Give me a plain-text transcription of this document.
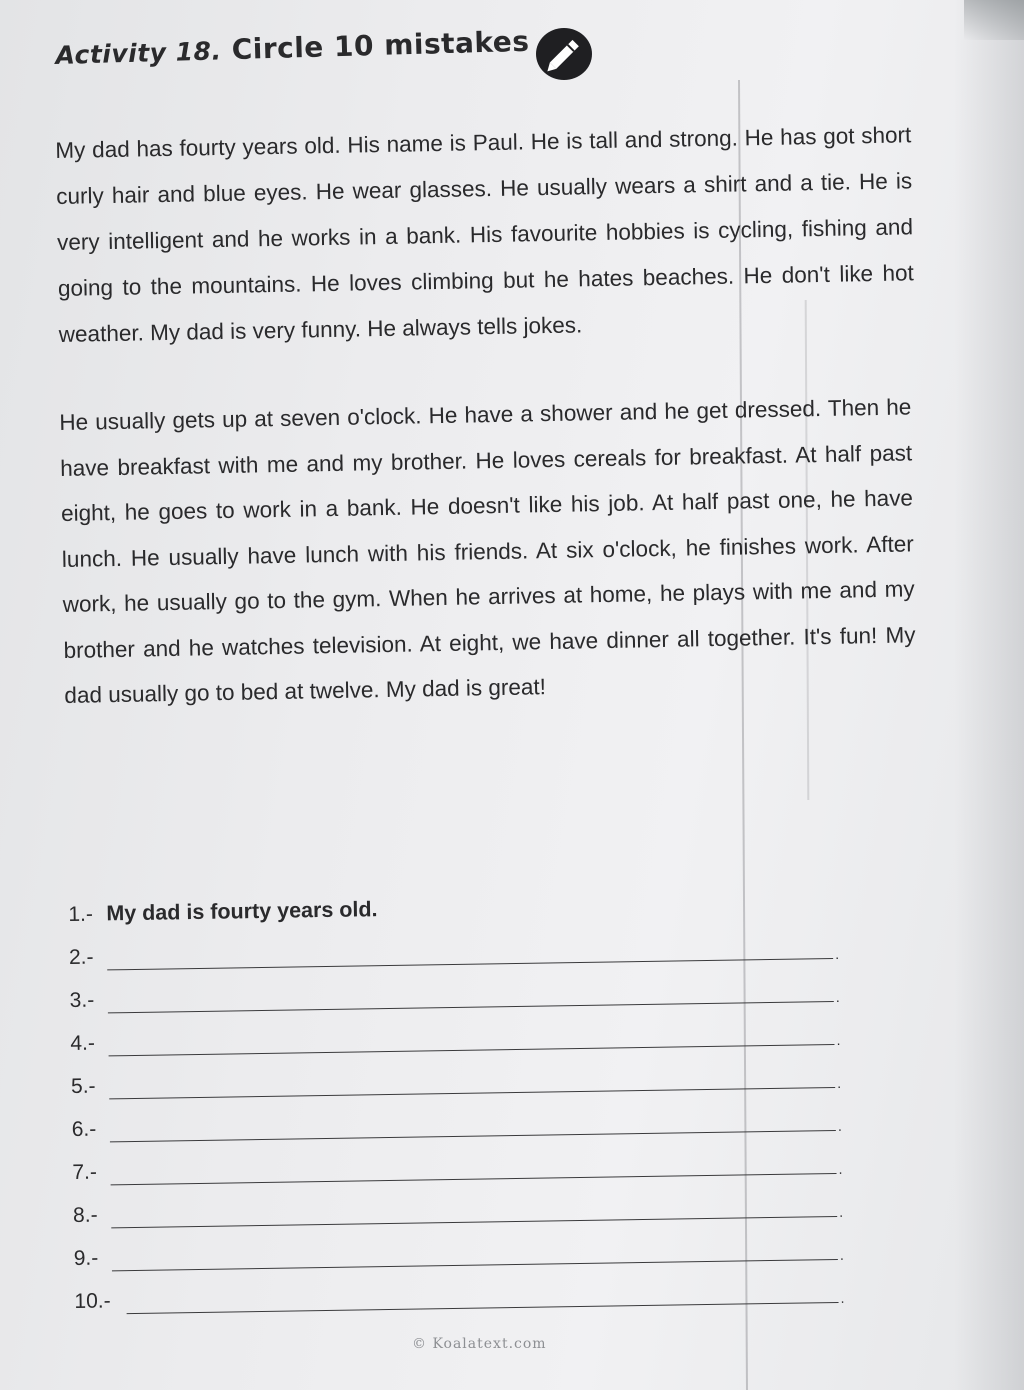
Activity 18. Circle 10 mistakes

My dad has fourty years old. His name is Paul. He is tall and strong. He has got short curly hair and blue eyes. He wear glasses. He usually wears a shirt and a tie. He is very intelligent and he works in a bank. His favourite hobbies is cycling, fishing and going to the mountains. He loves climbing but he hates beaches. He don't like hot weather. My dad is very funny. He always tells jokes.

He usually gets up at seven o'clock. He have a shower and he get dressed. Then he have breakfast with me and my brother. He loves cereals for breakfast. At half past eight, he goes to work in a bank. He doesn't like his job. At half past one, he have lunch. He usually have lunch with his friends. At six o'clock, he finishes work. After work, he usually go to the gym. When he arrives at home, he plays with me and my brother and he watches television. At eight, we have dinner all together. It's fun! My dad usually go to bed at twelve. My dad is great!

1.- My dad is fourty years old.
2.-	.
3.-	.
4.-	.
5.-	.
6.-	.
7.-	.
8.-	.
9.-	.
10.-	.
© Koalatext.com
